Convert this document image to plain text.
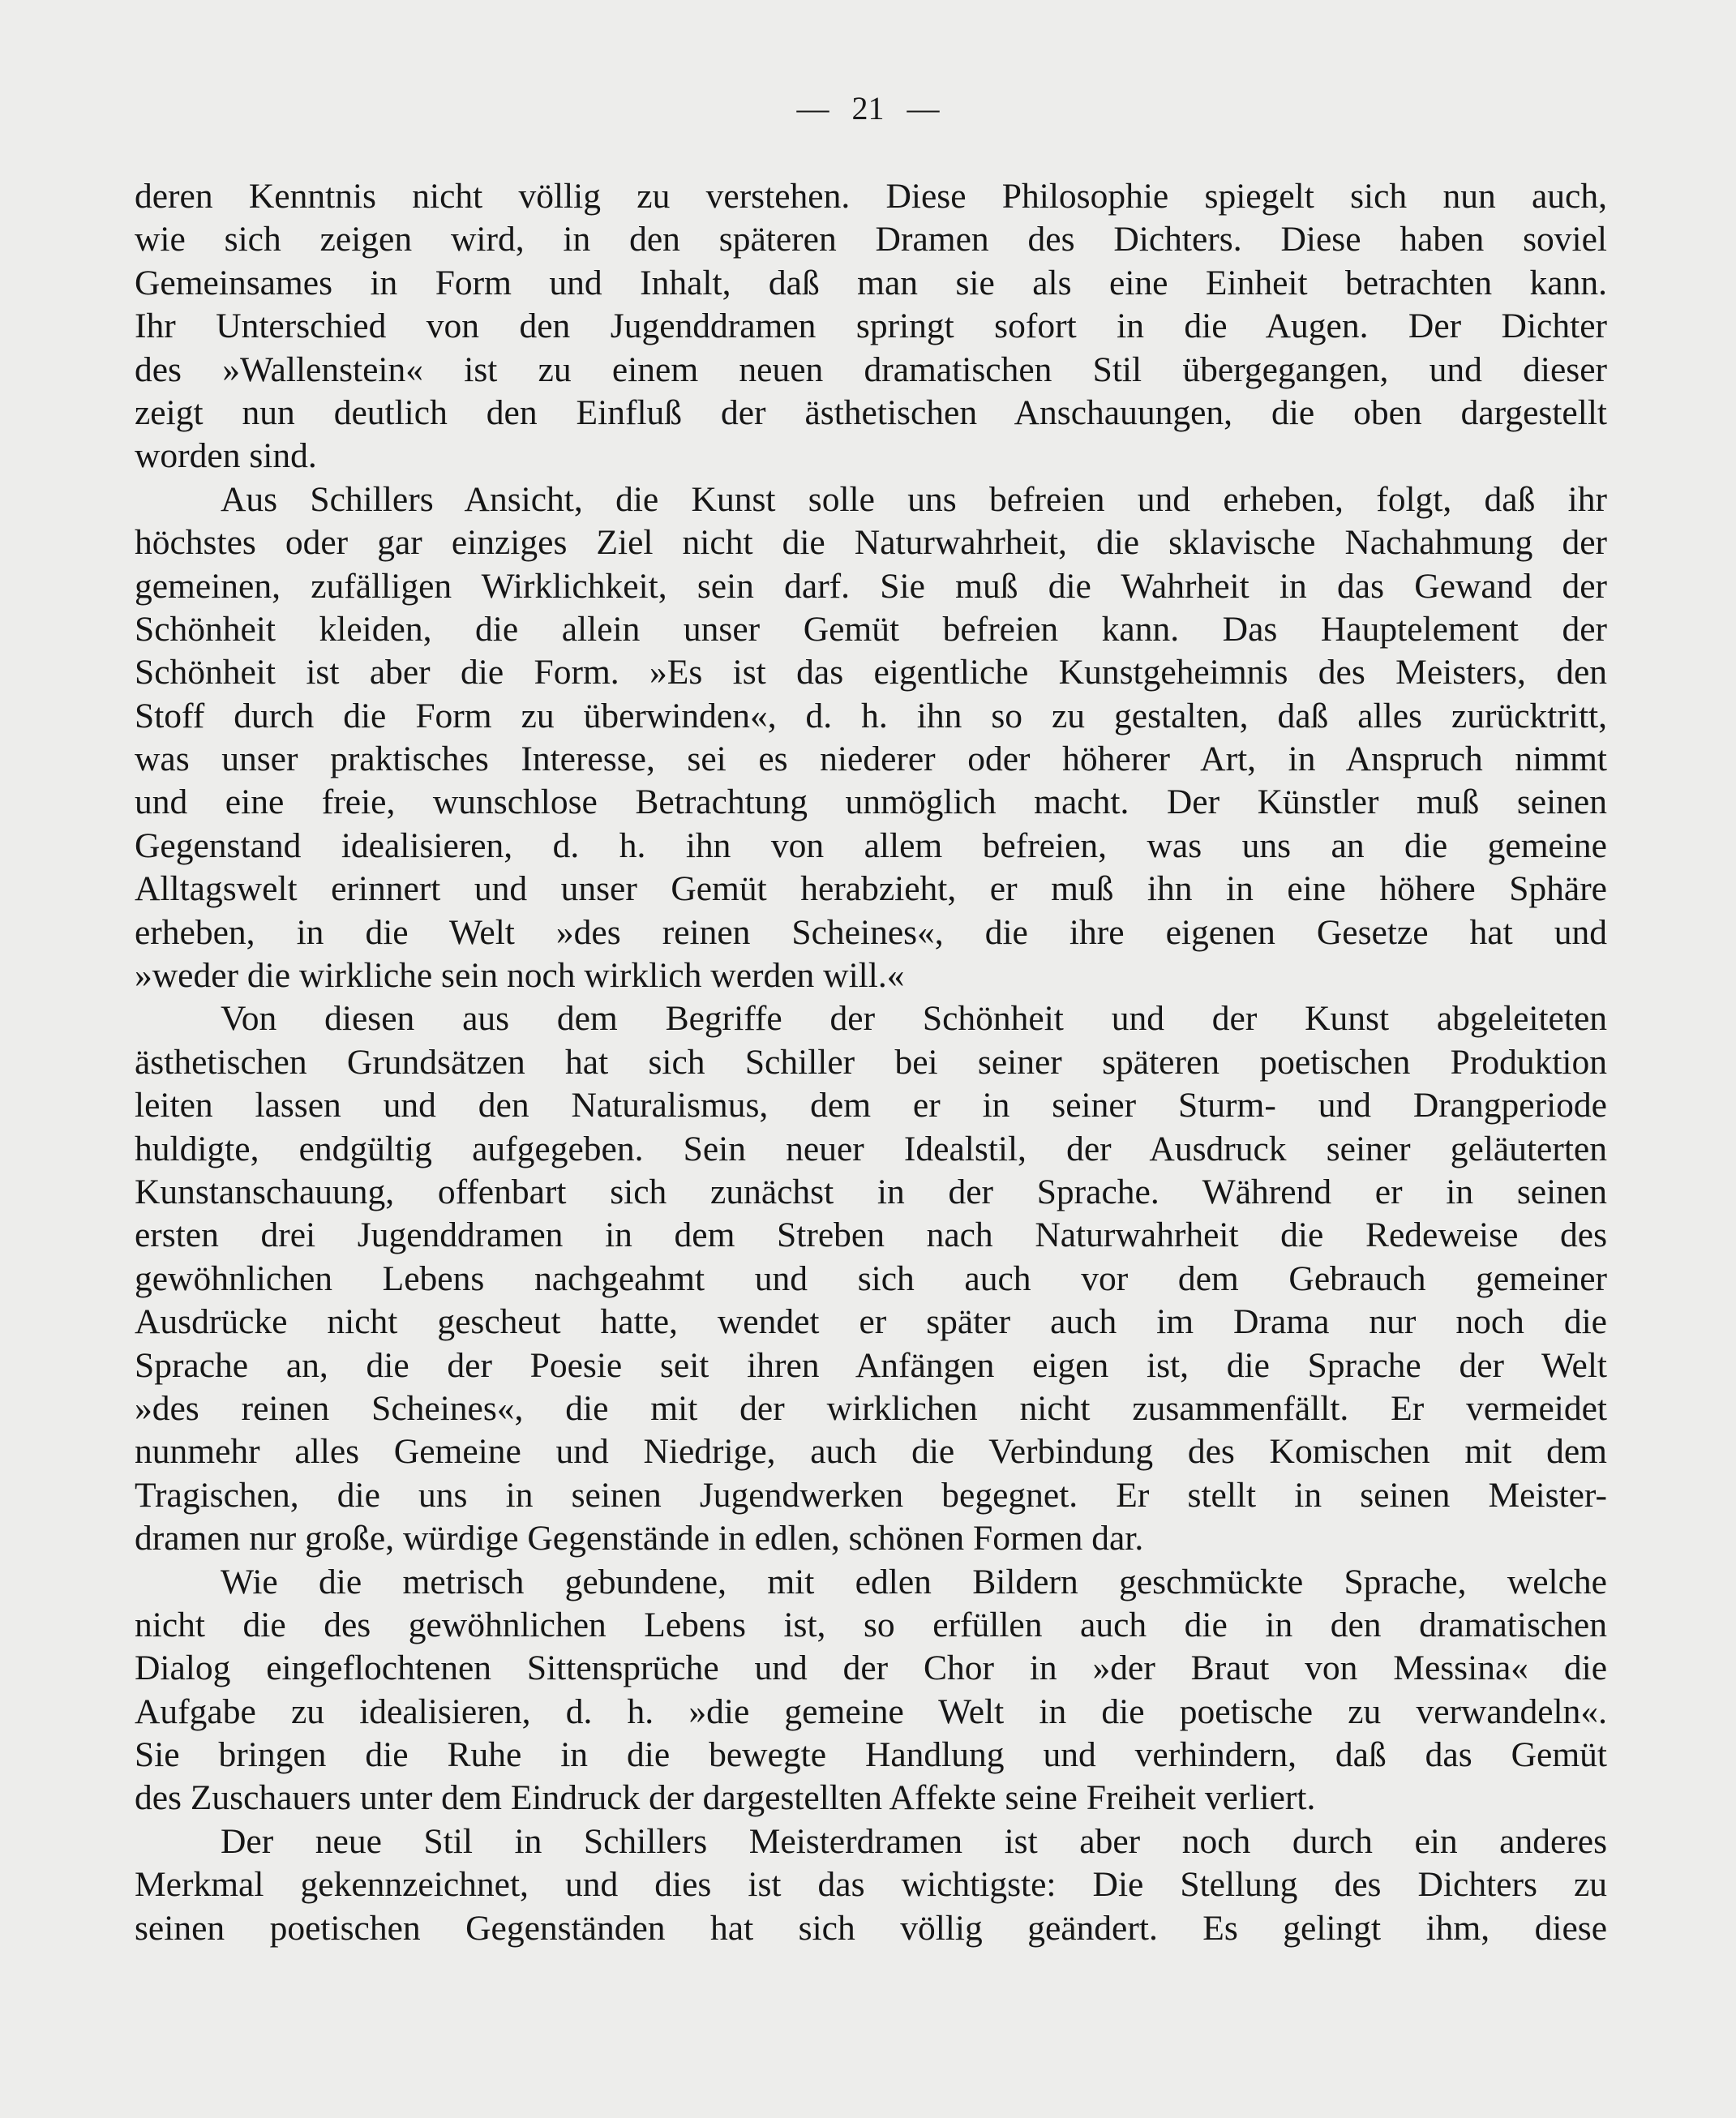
— 21 —
deren Kenntnis nicht völlig zu verstehen. Diese Philosophie spiegelt sich nun auch,
wie sich zeigen wird, in den späteren Dramen des Dichters. Diese haben soviel
Gemeinsames in Form und Inhalt, daß man sie als eine Einheit betrachten kann.
Ihr Unterschied von den Jugenddramen springt sofort in die Augen. Der Dichter
des »Wallenstein« ist zu einem neuen dramatischen Stil übergegangen, und dieser
zeigt nun deutlich den Einfluß der ästhetischen Anschauungen, die oben dargestellt
worden sind.
Aus Schillers Ansicht, die Kunst solle uns befreien und erheben, folgt, daß ihr
höchstes oder gar einziges Ziel nicht die Naturwahrheit, die sklavische Nachahmung der
gemeinen, zufälligen Wirklichkeit, sein darf. Sie muß die Wahrheit in das Gewand der
Schönheit kleiden, die allein unser Gemüt befreien kann. Das Hauptelement der
Schönheit ist aber die Form. »Es ist das eigentliche Kunstgeheimnis des Meisters, den
Stoff durch die Form zu überwinden«, d. h. ihn so zu gestalten, daß alles zurücktritt,
was unser praktisches Interesse, sei es niederer oder höherer Art, in Anspruch nimmt
und eine freie, wunschlose Betrachtung unmöglich macht. Der Künstler muß seinen
Gegenstand idealisieren, d. h. ihn von allem befreien, was uns an die gemeine
Alltagswelt erinnert und unser Gemüt herabzieht, er muß ihn in eine höhere Sphäre
erheben, in die Welt »des reinen Scheines«, die ihre eigenen Gesetze hat und
»weder die wirkliche sein noch wirklich werden will.«
Von diesen aus dem Begriffe der Schönheit und der Kunst abgeleiteten
ästhetischen Grundsätzen hat sich Schiller bei seiner späteren poetischen Produktion
leiten lassen und den Naturalismus, dem er in seiner Sturm- und Drangperiode
huldigte, endgültig aufgegeben. Sein neuer Idealstil, der Ausdruck seiner geläuterten
Kunstanschauung, offenbart sich zunächst in der Sprache. Während er in seinen
ersten drei Jugenddramen in dem Streben nach Naturwahrheit die Redeweise des
gewöhnlichen Lebens nachgeahmt und sich auch vor dem Gebrauch gemeiner
Ausdrücke nicht gescheut hatte, wendet er später auch im Drama nur noch die
Sprache an, die der Poesie seit ihren Anfängen eigen ist, die Sprache der Welt
»des reinen Scheines«, die mit der wirklichen nicht zusammenfällt. Er vermeidet
nunmehr alles Gemeine und Niedrige, auch die Verbindung des Komischen mit dem
Tragischen, die uns in seinen Jugendwerken begegnet. Er stellt in seinen Meister-
dramen nur große, würdige Gegenstände in edlen, schönen Formen dar.
Wie die metrisch gebundene, mit edlen Bildern geschmückte Sprache, welche
nicht die des gewöhnlichen Lebens ist, so erfüllen auch die in den dramatischen
Dialog eingeflochtenen Sittensprüche und der Chor in »der Braut von Messina« die
Aufgabe zu idealisieren, d. h. »die gemeine Welt in die poetische zu verwandeln«.
Sie bringen die Ruhe in die bewegte Handlung und verhindern, daß das Gemüt
des Zuschauers unter dem Eindruck der dargestellten Affekte seine Freiheit verliert.
Der neue Stil in Schillers Meisterdramen ist aber noch durch ein anderes
Merkmal gekennzeichnet, und dies ist das wichtigste: Die Stellung des Dichters zu
seinen poetischen Gegenständen hat sich völlig geändert. Es gelingt ihm, diese
